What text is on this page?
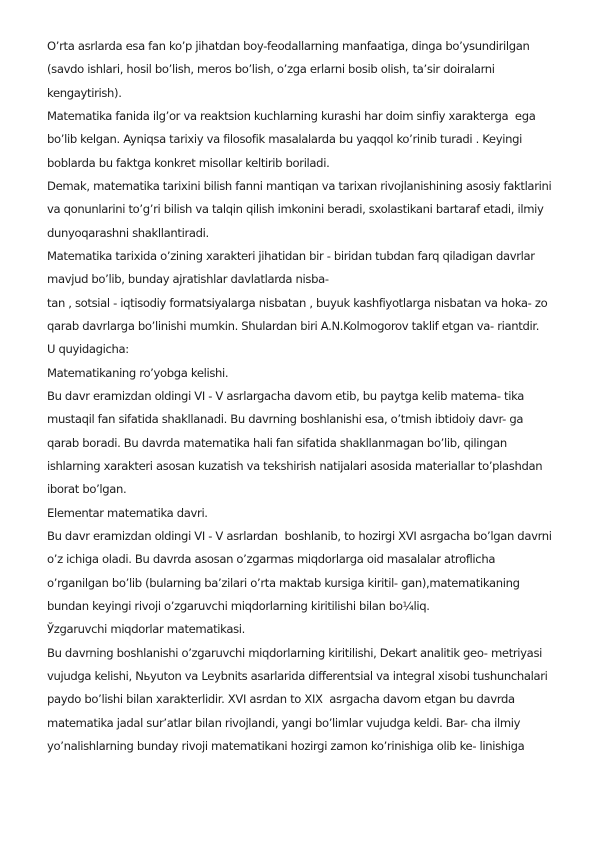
O’rta asrlarda esa fan ko’p jihatdan boy-feodallarning manfaatiga, dinga bo’ysundirilgan
(savdo ishlari, hosil bo’lish, meros bo’lish, o’zga erlarni bosib olish, ta’sir doiralarni
kengaytirish).
Matematika fanida ilg’or va reaktsion kuchlarning kurashi har doim sinfiy xarakterga  ega
bo’lib kelgan. Ayniqsa tarixiy va filosofik masalalarda bu yaqqol ko’rinib turadi . Keyingi
boblarda bu faktga konkret misollar keltirib boriladi.
Demak, matematika tarixini bilish fanni mantiqan va tarixan rivojlanishining asosiy faktlarini
va qonunlarini to’g’ri bilish va talqin qilish imkonini beradi, sxolastikani bartaraf etadi, ilmiy
dunyoqarashni shakllantiradi.
Matematika tarixida o’zining xarakteri jihatidan bir - biridan tubdan farq qiladigan davrlar
mavjud bo’lib, bunday ajratishlar davlatlarda nisba-
tan , sotsial - iqtisodiy formatsiyalarga nisbatan , buyuk kashfiyotlarga nisbatan va hoka- zo
qarab davrlarga bo’linishi mumkin. Shulardan biri A.N.Kolmogorov taklif etgan va- riantdir.
U quyidagicha:
Matematikaning ro’yobga kelishi.
Bu davr eramizdan oldingi VI - V asrlargacha davom etib, bu paytga kelib matema- tika
mustaqil fan sifatida shakllanadi. Bu davrning boshlanishi esa, o’tmish ibtidoiy davr- ga
qarab boradi. Bu davrda matematika hali fan sifatida shakllanmagan bo’lib, qilingan
ishlarning xarakteri asosan kuzatish va tekshirish natijalari asosida materiallar to’plashdan
iborat bo’lgan.
Elementar matematika davri.
Bu davr eramizdan oldingi VI - V asrlardan  boshlanib, to hozirgi XVI asrgacha bo’lgan davrni
o’z ichiga oladi. Bu davrda asosan o’zgarmas miqdorlarga oid masalalar atroflicha
o’rganilgan bo’lib (bularning ba’zilari o’rta maktab kursiga kiritil- gan),matematikaning
bundan keyingi rivoji o’zgaruvchi miqdorlarning kiritilishi bilan bo¼liq.
Ўzgaruvchi miqdorlar matematikasi.
Bu davrning boshlanishi o’zgaruvchi miqdorlarning kiritilishi, Dekart analitik geo- metriyasi
vujudga kelishi, Nьyuton va Leybnits asarlarida differentsial va integral xisobi tushunchalari
paydo bo’lishi bilan xarakterlidir. XVI asrdan to XIX  asrgacha davom etgan bu davrda
matematika jadal sur’atlar bilan rivojlandi, yangi bo’limlar vujudga keldi. Bar- cha ilmiy
yo’nalishlarning bunday rivoji matematikani hozirgi zamon ko’rinishiga olib ke- linishiga
